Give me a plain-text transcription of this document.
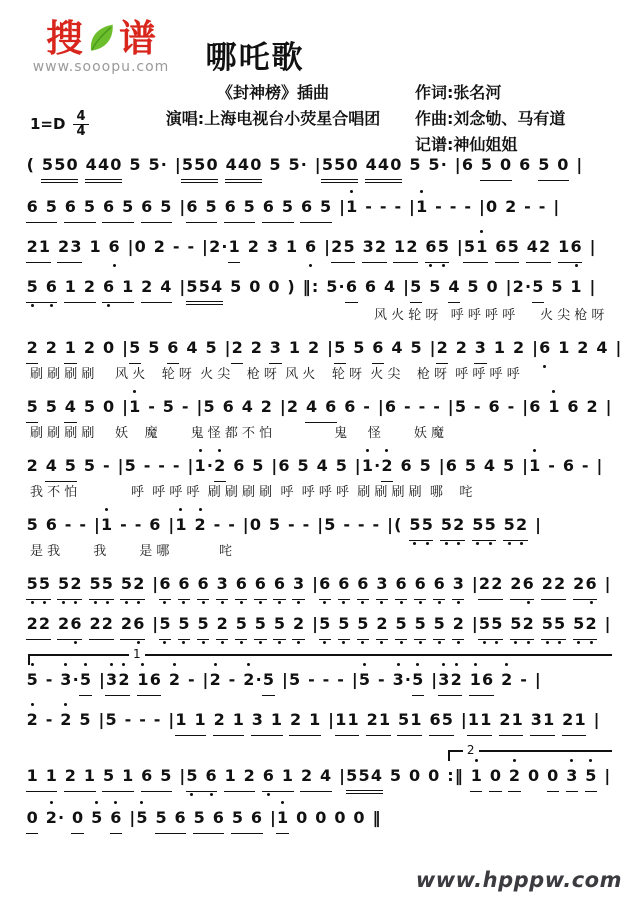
搜 谱
www.sooopu.com	哪吒歌
《封神榜》插曲
演唱:上海电视台小荧星合唱团
作词:张名河
作曲:刘念劬、马有道
记谱:神仙姐姐
$1=D \frac{4}{4}$
( 550 440 5 5· |550 440 5 5· |550 440 5 5· |6 5 0 6 5 0 |
6 5 6 5 6 5 6 5 |6 5 6 5 6 5 6 5 |1 - - - |1 - - - |0 2 - - |
21 23 1 6 |0 2 - - |2·1 2 3 1 6 |25 32 12 65 |51 65 42 16 |
5 6 1 2 6 1 2 4 |554 5 0 0 ) ‖: 5·6 6 4 |5 5 4 5 0 |2·5 5 1 |
风 火 轮 呀   呼 呼 呼 呼      火 尖 枪 呀
2 2 1 2 0 |5 5 6 4 5 |2 2 3 1 2 |5 5 6 4 5 |2 2 3 1 2 |6 1 2 4 |
刷 刷 刷 刷     风 火    轮 呀  火 尖    枪 呀  风 火    轮 呀  火 尖    枪 呀  呼 呼 呼 呼
5 5 4 5 0 |1 - 5 - |5 6 4 2 |2 4 6 6 - |6 - - - |5 - 6 - |6 1 6 2 |
刷 刷 刷 刷     妖    魔        鬼 怪 都 不 怕               鬼     怪        妖 魔
2 4 5 5 - |5 - - - |1·2 6 5 |6 5 4 5 |1·2 6 5 |6 5 4 5 |1 - 6 - |
我 不 怕             呼  呼 呼 呼  刷 刷 刷 刷  呼  呼 呼 呼  刷 刷 刷 刷  哪    咤
5 6 - - |1 - - 6 |1 2 - - |0 5 - - |5 - - - |( 55 52 55 52 |
是 我        我        是 哪            咤
55 52 55 52 |6 6 6 3 6 6 6 3 |6 6 6 3 6 6 6 3 |22 26 22 26 |
22 26 22 26 |5 5 5 2 5 5 5 2 |5 5 5 2 5 5 5 2 |55 52 55 52 |
1
5 - 3·5 |32 16 2 - |2 - 2·5 |5 - - - |5 - 3·5 |32 16 2 - |
2 - 2 5 |5 - - - |1 1 2 1 3 1 2 1 |11 21 51 65 |11 21 31 21 |
2
1 1 2 1 5 1 6 5 |5 6 1 2 6 1 2 4 |554 5 0 0 :‖ 1 0 2 0 0 3 5 |
0 2· 0 5 6 |5 5 6 5 6 5 6 |1 0 0 0 0 ‖
www.hpppw.com
